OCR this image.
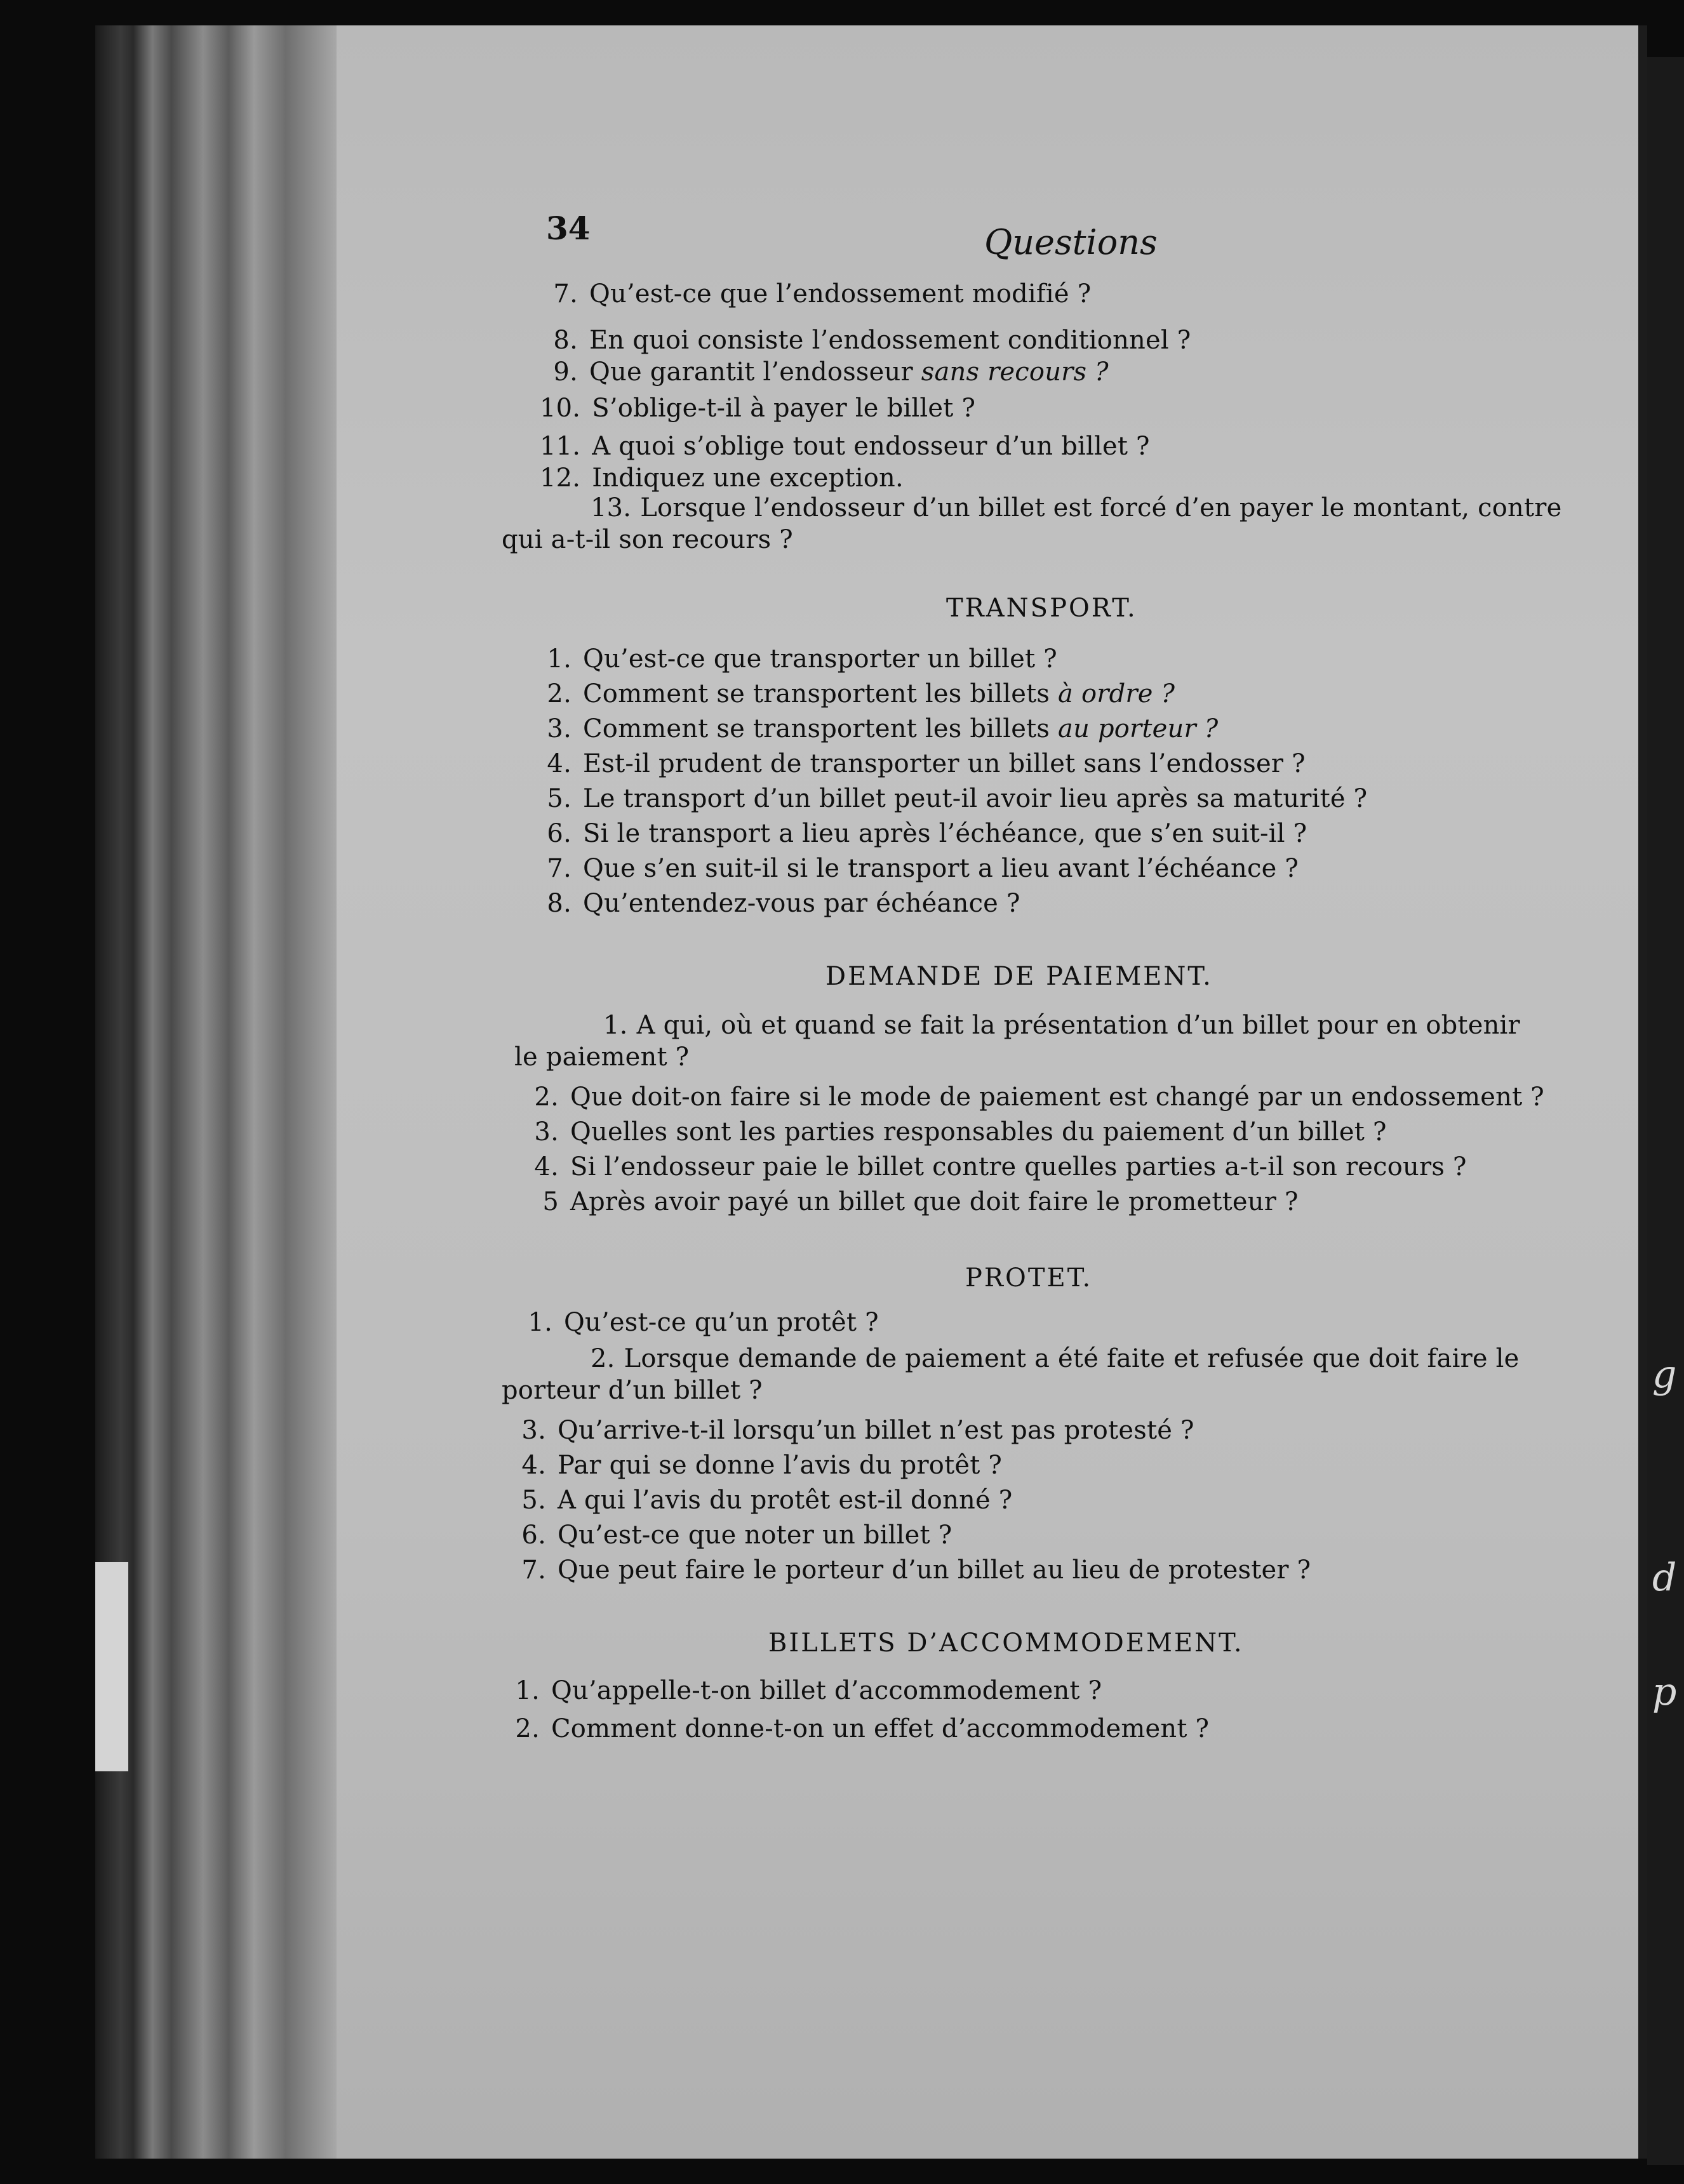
g
d
p
34	Questions
7. Qu’est-ce que l’endossement modifié ?
8. En quoi consiste l’endossement conditionnel ?
9. Que garantit l’endosseur sans recours ?
10. S’oblige-t-il à payer le billet ?
11. A quoi s’oblige tout endosseur d’un billet ?
12. Indiquez une exception.
13. Lorsque l’endosseur d’un billet est forcé d’en payer le montant, contre qui a-t-il son recours ?
TRANSPORT.
1. Qu’est-ce que transporter un billet ?
2. Comment se transportent les billets à ordre ?
3. Comment se transportent les billets au porteur ?
4. Est-il prudent de transporter un billet sans l’endosser ?
5. Le transport d’un billet peut-il avoir lieu après sa maturité ?
6. Si le transport a lieu après l’échéance, que s’en suit-il ?
7. Que s’en suit-il si le transport a lieu avant l’échéance ?
8. Qu’entendez-vous par échéance ?
DEMANDE DE PAIEMENT.
1. A qui, où et quand se fait la présentation d’un billet pour en obtenir le paiement ?
2. Que doit-on faire si le mode de paiement est changé par un endossement ?
3. Quelles sont les parties responsables du paiement d’un billet ?
4. Si l’endosseur paie le billet contre quelles parties a-t-il son recours ?
5 Après avoir payé un billet que doit faire le prometteur ?
PROTET.
1. Qu’est-ce qu’un protêt ?
2. Lorsque demande de paiement a été faite et refusée que doit faire le porteur d’un billet ?
3. Qu’arrive-t-il lorsqu’un billet n’est pas protesté ?
4. Par qui se donne l’avis du protêt ?
5. A qui l’avis du protêt est-il donné ?
6. Qu’est-ce que noter un billet ?
7. Que peut faire le porteur d’un billet au lieu de protester ?
BILLETS D’ACCOMMODEMENT.
1. Qu’appelle-t-on billet d’accommodement ?
2. Comment donne-t-on un effet d’accommodement ?
